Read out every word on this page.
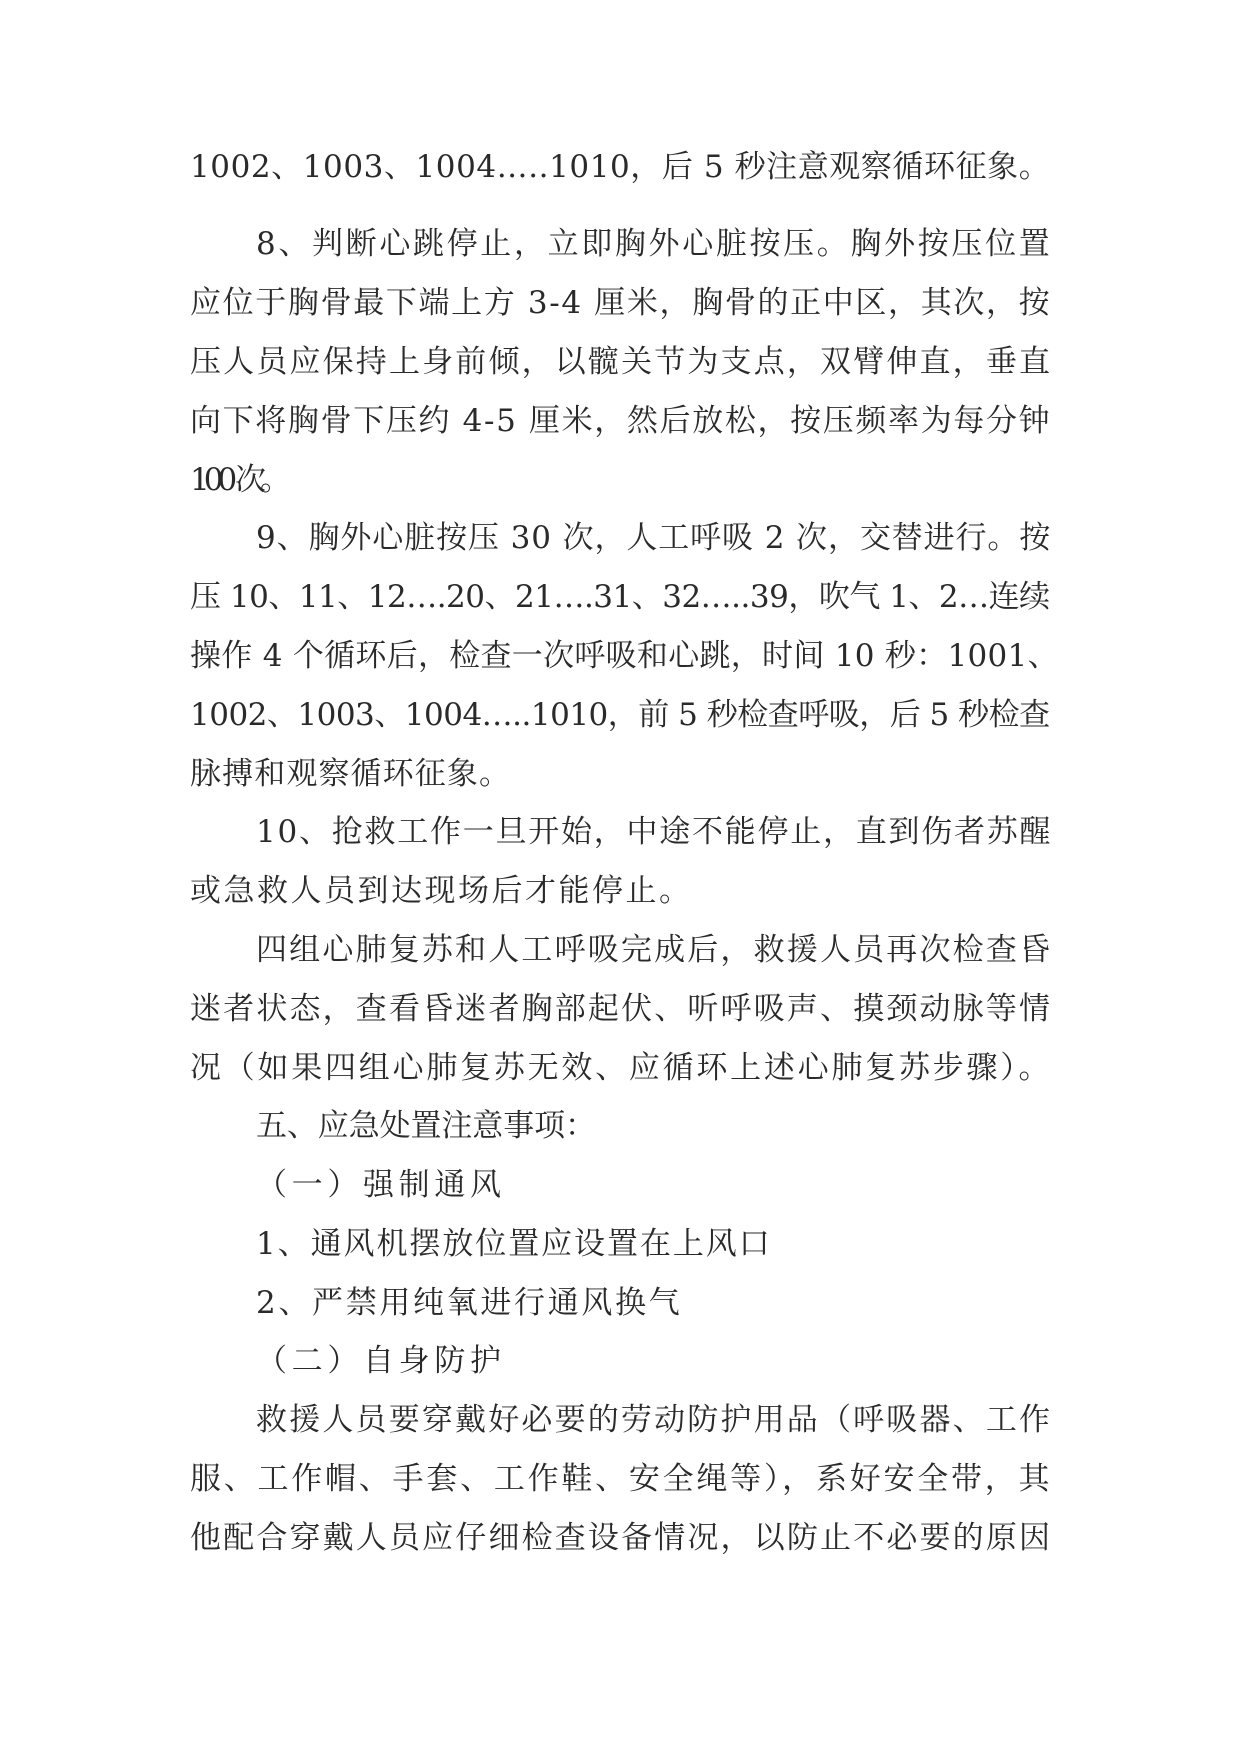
1002、1003、1004…..1010，后 5 秒注意观察循环征象。
8、判断心跳停止，立即胸外心脏按压。胸外按压位置
应位于胸骨最下端上方 3-4 厘米，胸骨的正中区，其次，按
压人员应保持上身前倾，以髋关节为支点，双臂伸直，垂直
向下将胸骨下压约 4-5 厘米，然后放松，按压频率为每分钟
100 次。
9、胸外心脏按压 30 次，人工呼吸 2 次，交替进行。按
压 10、11、12….20、21….31、32…..39，吹气 1、2…连续
操作 4 个循环后，检查一次呼吸和心跳，时间 10 秒：1001、
1002、1003、1004…..1010，前 5 秒检查呼吸，后 5 秒检查
脉搏和观察循环征象。
10、抢救工作一旦开始，中途不能停止，直到伤者苏醒
或急救人员到达现场后才能停止。
四组心肺复苏和人工呼吸完成后，救援人员再次检查昏
迷者状态，查看昏迷者胸部起伏、听呼吸声、摸颈动脉等情
况（如果四组心肺复苏无效、应循环上述心肺复苏步骤）。
五、应急处置注意事项：
（一）强制通风
1、通风机摆放位置应设置在上风口
2、严禁用纯氧进行通风换气
（二）自身防护
救援人员要穿戴好必要的劳动防护用品（呼吸器、工作
服、工作帽、手套、工作鞋、安全绳等），系好安全带，其
他配合穿戴人员应仔细检查设备情况，以防止不必要的原因
